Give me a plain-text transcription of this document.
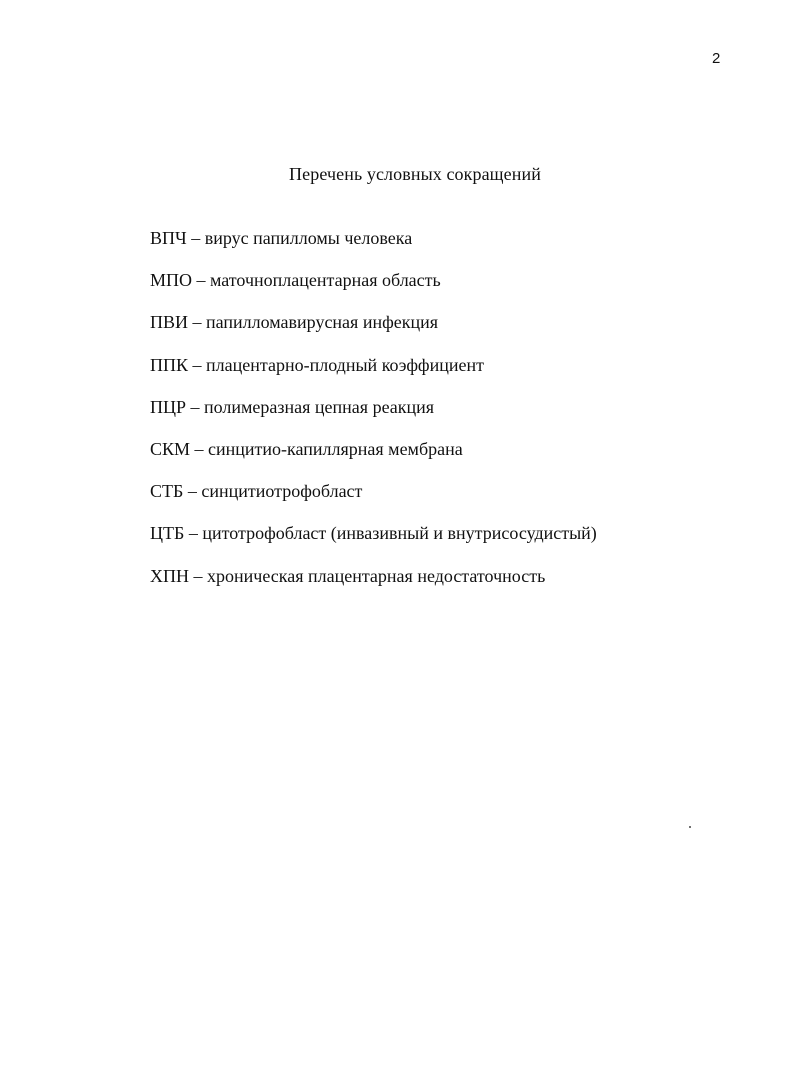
2
Перечень условных сокращений
ВПЧ – вирус папилломы человека
МПО – маточноплацентарная область
ПВИ – папилломавирусная инфекция
ППК – плацентарно-плодный коэффициент
ПЦР – полимеразная цепная реакция
СКМ – синцитио-капиллярная мембрана
СТБ – синцитиотрофобласт
ЦТБ – цитотрофобласт (инвазивный и внутрисосудистый)
ХПН – хроническая плацентарная недостаточность
